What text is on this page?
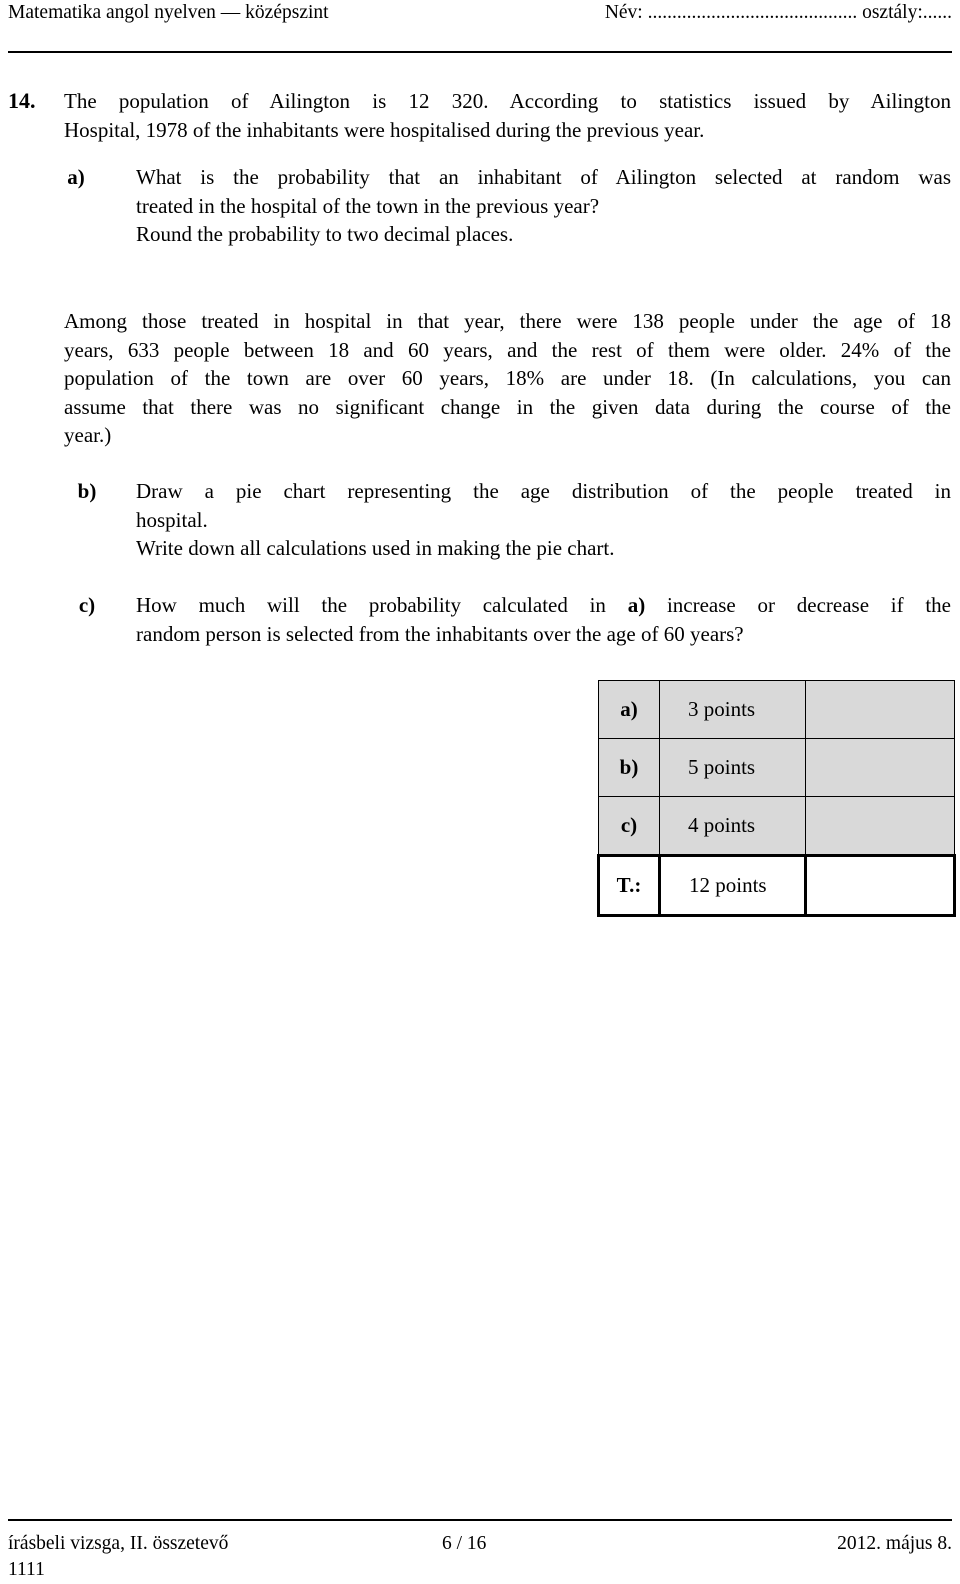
Matematika angol nyelven — középszint	Név: ........................................... osztály:......
14. The population of Ailington is 12 320. According to statistics issued by Ailington
Hospital, 1978 of the inhabitants were hospitalised during the previous year.
a)	What is the probability that an inhabitant of Ailington selected at random was
treated in the hospital of the town in the previous year?
Round the probability to two decimal places.
Among those treated in hospital in that year, there were 138 people under the age of 18
years, 633 people between 18 and 60 years, and the rest of them were older. 24% of the
population of the town are over 60 years, 18% are under 18. (In calculations, you can
assume that there was no significant change in the given data during the course of the
year.)
b)	Draw a pie chart representing the age distribution of the people treated in
hospital.
Write down all calculations used in making the pie chart.
c)	How much will the probability calculated in a) increase or decrease if the
random person is selected from the inhabitants over the age of 60 years?
a)	3 points	
b)	5 points	
c)	4 points	
T.:	12 points	
írásbeli vizsga, II. összetevő	6 / 16	2012. május 8.
1111
